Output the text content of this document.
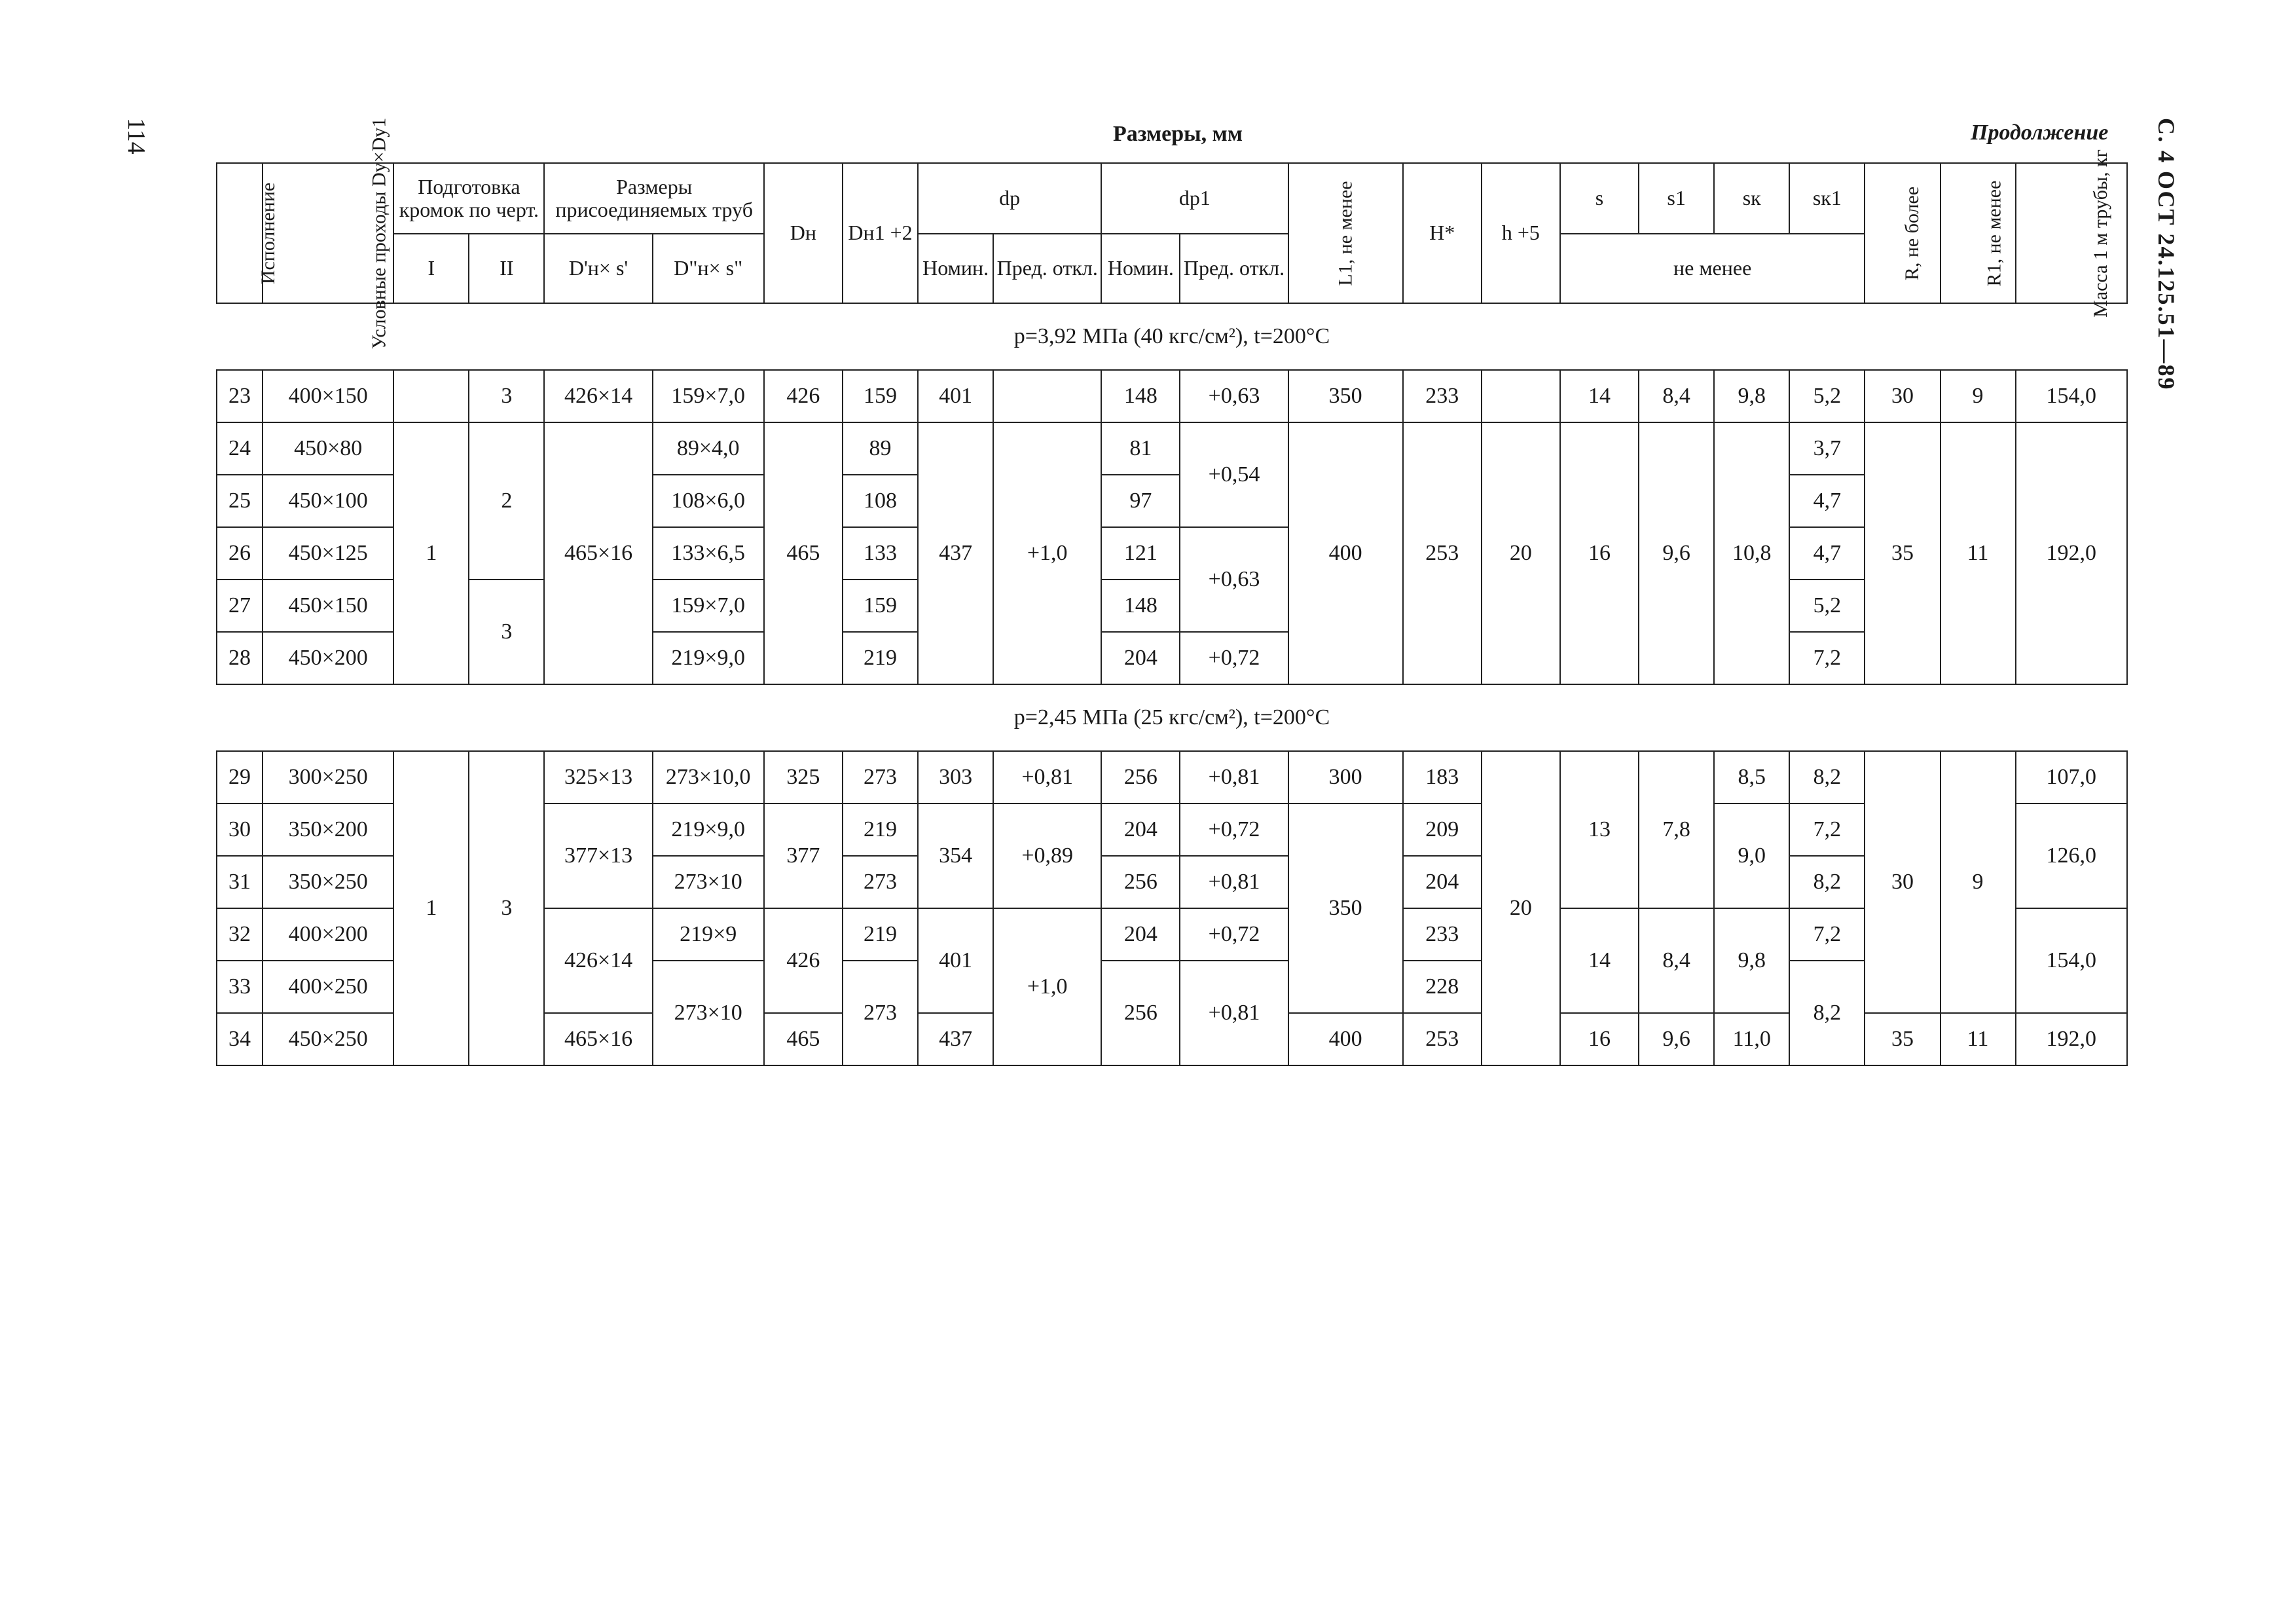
114	С. 4 ОСТ 24.125.51—89
Размеры, мм	Продолжение
Исполнение	Условные проходы Dy×Dy1	Подготовка кромок по черт.		Размеры присоединяемых труб		Dн	Dн1 +2	dр		dр1		L1, не менее	H*	h +5	s	s1	sк	sк1	R, не более	R1, не менее	Масса 1 м трубы, кг
		I	II	D'н× s'	D"н× s"			Номин.	Пред. откл.	Номин.	Пред. откл.				не менее						
p=3,92 МПа (40 кгс/см²), t=200°С																					
23	400×150		3	426×14	159×7,0	426	159	401		148	+0,63	350	233		14	8,4	9,8	5,2	30	9	154,0
24	450×80	1	2	465×16	89×4,0	465	89	437	+1,0	81	+0,54	400	253	20	16	9,6	10,8	3,7	35	11	192,0
25	450×100				108×6,0		108			97								4,7			
26	450×125				133×6,5		133			121	+0,63							4,7			
27	450×150		3		159×7,0		159			148								5,2			
28	450×200				219×9,0		219			204	+0,72							7,2			
p=2,45 МПа (25 кгс/см²), t=200°С																					
29	300×250	1	3	325×13	273×10,0	325	273	303	+0,81	256	+0,81	300	183	20	13	7,8	8,5	8,2	30	9	107,0
30	350×200			377×13	219×9,0	377	219	354	+0,89	204	+0,72	350	209				9,0	7,2			126,0
31	350×250				273×10		273			256	+0,81		204					8,2			
32	400×200			426×14	219×9	426	219	401	+1,0	204	+0,72		233		14	8,4	9,8	7,2			154,0
33	400×250				273×10		273			256	+0,81		228					8,2			
34	450×250			465×16		465		437				400	253		16	9,6	11,0		35	11	192,0
